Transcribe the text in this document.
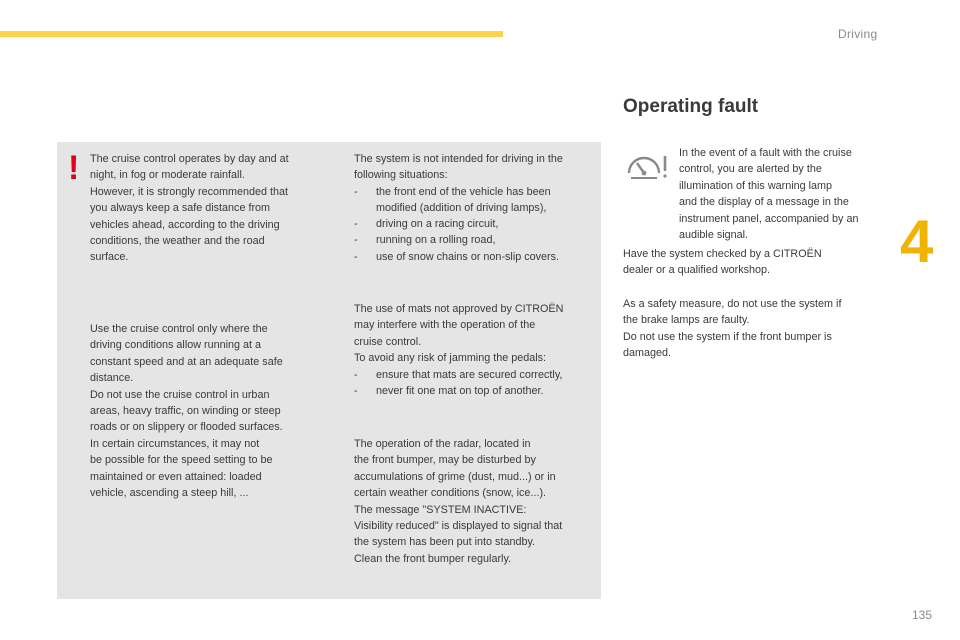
Driving
4
135
! The cruise control operates by day and at
night, in fog or moderate rainfall.
However, it is strongly recommended that
you always keep a safe distance from
vehicles ahead, according to the driving
conditions, the weather and the road
surface.

Use the cruise control only where the
driving conditions allow running at a
constant speed and at an adequate safe
distance.
Do not use the cruise control in urban
areas, heavy traffic, on winding or steep
roads or on slippery or flooded surfaces.
In certain circumstances, it may not
be possible for the speed setting to be
maintained or even attained: loaded
vehicle, ascending a steep hill, ...

The system is not intended for driving in the
following situations:

- the front end of the vehicle has been
modified (addition of driving lamps),
- driving on a racing circuit,
- running on a rolling road,
- use of snow chains or non-slip covers.

The use of mats not approved by CITROËN
may interfere with the operation of the
cruise control.
To avoid any risk of jamming the pedals:

- ensure that mats are secured correctly,
- never fit one mat on top of another.

The operation of the radar, located in
the front bumper, may be disturbed by
accumulations of grime (dust, mud...) or in
certain weather conditions (snow, ice...).
The message "SYSTEM INACTIVE:
Visibility reduced" is displayed to signal that
the system has been put into standby.
Clean the front bumper regularly.

Operating fault

In the event of a fault with the cruise
control, you are alerted by the
illumination of this warning lamp
and the display of a message in the
instrument panel, accompanied by an
audible signal.

Have the system checked by a CITROËN
dealer or a qualified workshop.

As a safety measure, do not use the system if
the brake lamps are faulty.
Do not use the system if the front bumper is
damaged.
